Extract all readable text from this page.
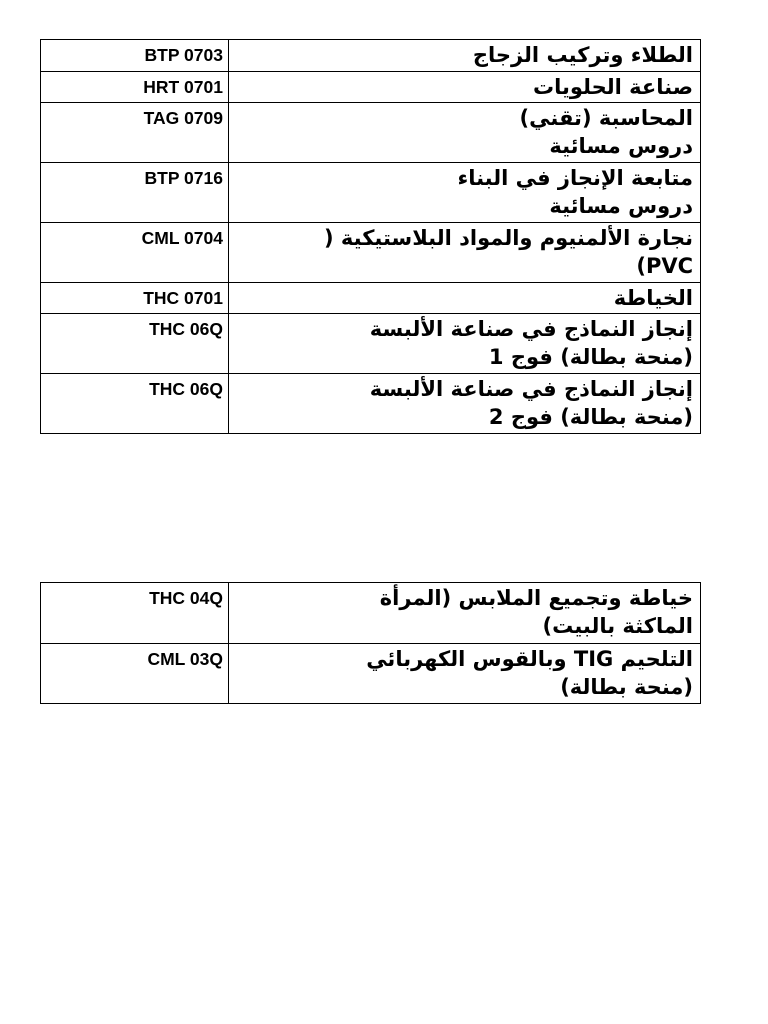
BTP 0703	الطلاء وتركيب الزجاج
HRT 0701	صناعة الحلويات
TAG 0709	المحاسبة (تقني)
دروس مسائية
BTP 0716	متابعة الإنجاز في البناء
دروس مسائية
CML 0704	نجارة الألمنيوم والمواد البلاستيكية (
PVC)
THC 0701	الخياطة
THC 06Q	إنجاز النماذج في صناعة الألبسة
(منحة بطالة) فوج 1
THC 06Q	إنجاز النماذج في صناعة الألبسة
(منحة بطالة) فوج 2
THC 04Q	خياطة وتجميع الملابس (المرأة
الماكثة بالبيت)
CML 03Q	التلحيم TIG وبالقوس الكهربائي
(منحة بطالة)
